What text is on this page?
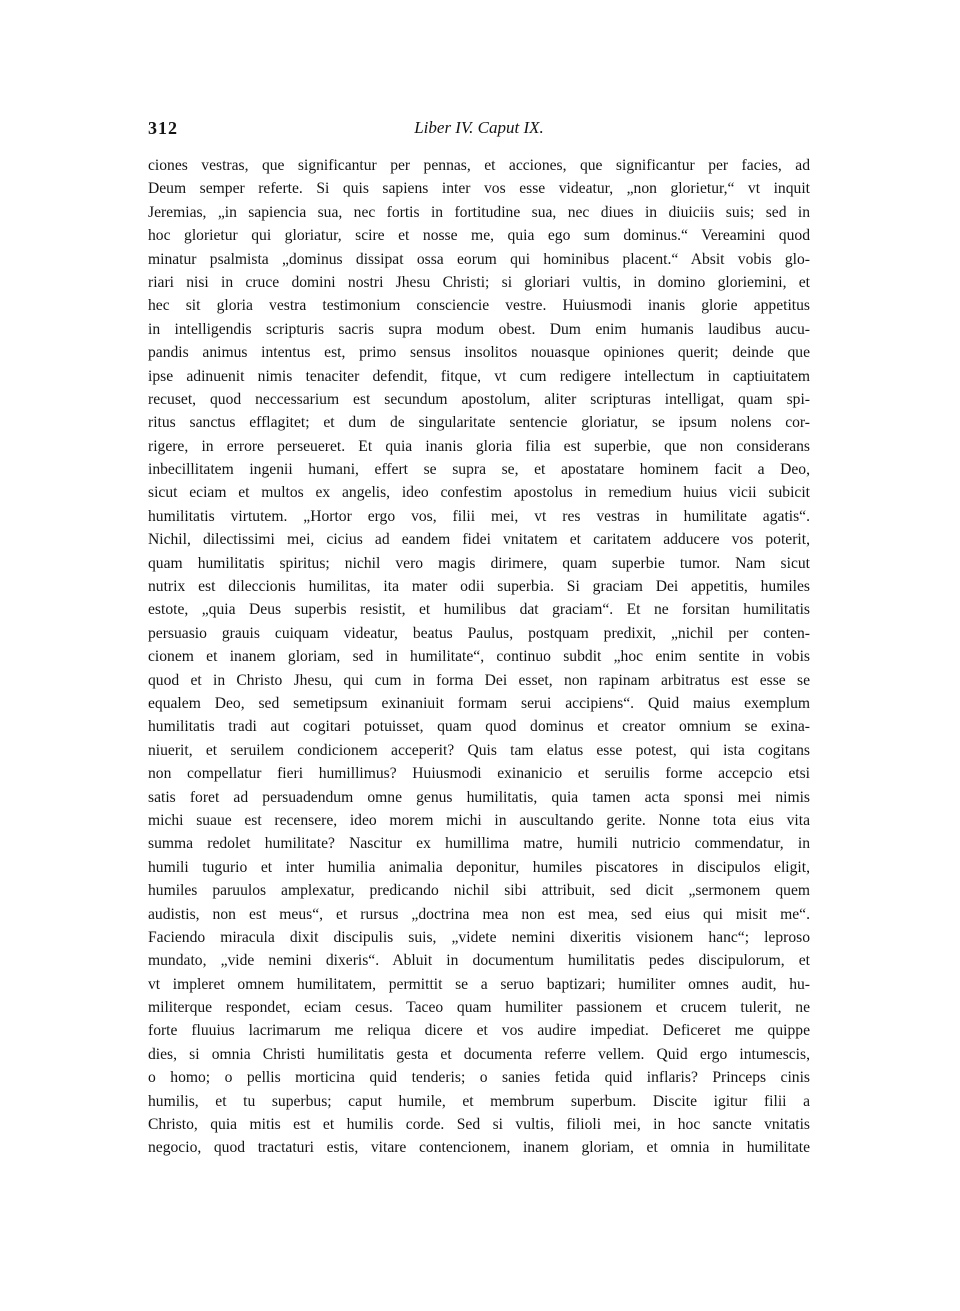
312	Liber IV. Caput IX.
ciones vestras, que significantur per pennas, et acciones, que significantur per facies, ad
Deum semper referte. Si quis sapiens inter vos esse videatur, „non glorietur,“ vt inquit
Jeremias, „in sapiencia sua, nec fortis in fortitudine sua, nec diues in diuiciis suis; sed in
hoc glorietur qui gloriatur, scire et nosse me, quia ego sum dominus.“ Vereamini quod
minatur psalmista „dominus dissipat ossa eorum qui hominibus placent.“ Absit vobis glo-
riari nisi in cruce domini nostri Jhesu Christi; si gloriari vultis, in domino gloriemini, et
hec sit gloria vestra testimonium consciencie vestre. Huiusmodi inanis glorie appetitus
in intelligendis scripturis sacris supra modum obest. Dum enim humanis laudibus aucu-
pandis animus intentus est, primo sensus insolitos nouasque opiniones querit; deinde que
ipse adinuenit nimis tenaciter defendit, fitque, vt cum redigere intellectum in captiuitatem
recuset, quod neccessarium est secundum apostolum, aliter scripturas intelligat, quam spi-
ritus sanctus efflagitet; et dum de singularitate sentencie gloriatur, se ipsum nolens cor-
rigere, in errore perseueret. Et quia inanis gloria filia est superbie, que non considerans
inbecillitatem ingenii humani, effert se supra se, et apostatare hominem facit a Deo,
sicut eciam et multos ex angelis, ideo confestim apostolus in remedium huius vicii subicit
humilitatis virtutem. „Hortor ergo vos, filii mei, vt res vestras in humilitate agatis“.
Nichil, dilectissimi mei, cicius ad eandem fidei vnitatem et caritatem adducere vos poterit,
quam humilitatis spiritus; nichil vero magis dirimere, quam superbie tumor. Nam sicut
nutrix est dileccionis humilitas, ita mater odii superbia. Si graciam Dei appetitis, humiles
estote, „quia Deus superbis resistit, et humilibus dat graciam“. Et ne forsitan humilitatis
persuasio grauis cuiquam videatur, beatus Paulus, postquam predixit, „nichil per conten-
cionem et inanem gloriam, sed in humilitate“, continuo subdit „hoc enim sentite in vobis
quod et in Christo Jhesu, qui cum in forma Dei esset, non rapinam arbitratus est esse se
equalem Deo, sed semetipsum exinaniuit formam serui accipiens“. Quid maius exemplum
humilitatis tradi aut cogitari potuisset, quam quod dominus et creator omnium se exina-
niuerit, et seruilem condicionem acceperit? Quis tam elatus esse potest, qui ista cogitans
non compellatur fieri humillimus? Huiusmodi exinanicio et seruilis forme accepcio etsi
satis foret ad persuadendum omne genus humilitatis, quia tamen acta sponsi mei nimis
michi suaue est recensere, ideo morem michi in auscultando gerite. Nonne tota eius vita
summa redolet humilitate? Nascitur ex humillima matre, humili nutricio commendatur, in
humili tugurio et inter humilia animalia deponitur, humiles piscatores in discipulos eligit,
humiles paruulos amplexatur, predicando nichil sibi attribuit, sed dicit „sermonem quem
audistis, non est meus“, et rursus „doctrina mea non est mea, sed eius qui misit me“.
Faciendo miracula dixit discipulis suis, „videte nemini dixeritis visionem hanc“; leproso
mundato, „vide nemini dixeris“. Abluit in documentum humilitatis pedes discipulorum, et
vt impleret omnem humilitatem, permittit se a seruo baptizari; humiliter omnes audit, hu-
militerque respondet, eciam cesus. Taceo quam humiliter passionem et crucem tulerit, ne
forte fluuius lacrimarum me reliqua dicere et vos audire impediat. Deficeret me quippe
dies, si omnia Christi humilitatis gesta et documenta referre vellem. Quid ergo intumescis,
o homo; o pellis morticina quid tenderis; o sanies fetida quid inflaris? Princeps cinis
humilis, et tu superbus; caput humile, et membrum superbum. Discite igitur filii a
Christo, quia mitis est et humilis corde. Sed si vultis, filioli mei, in hoc sancte vnitatis
negocio, quod tractaturi estis, vitare contencionem, inanem gloriam, et omnia in humilitate
